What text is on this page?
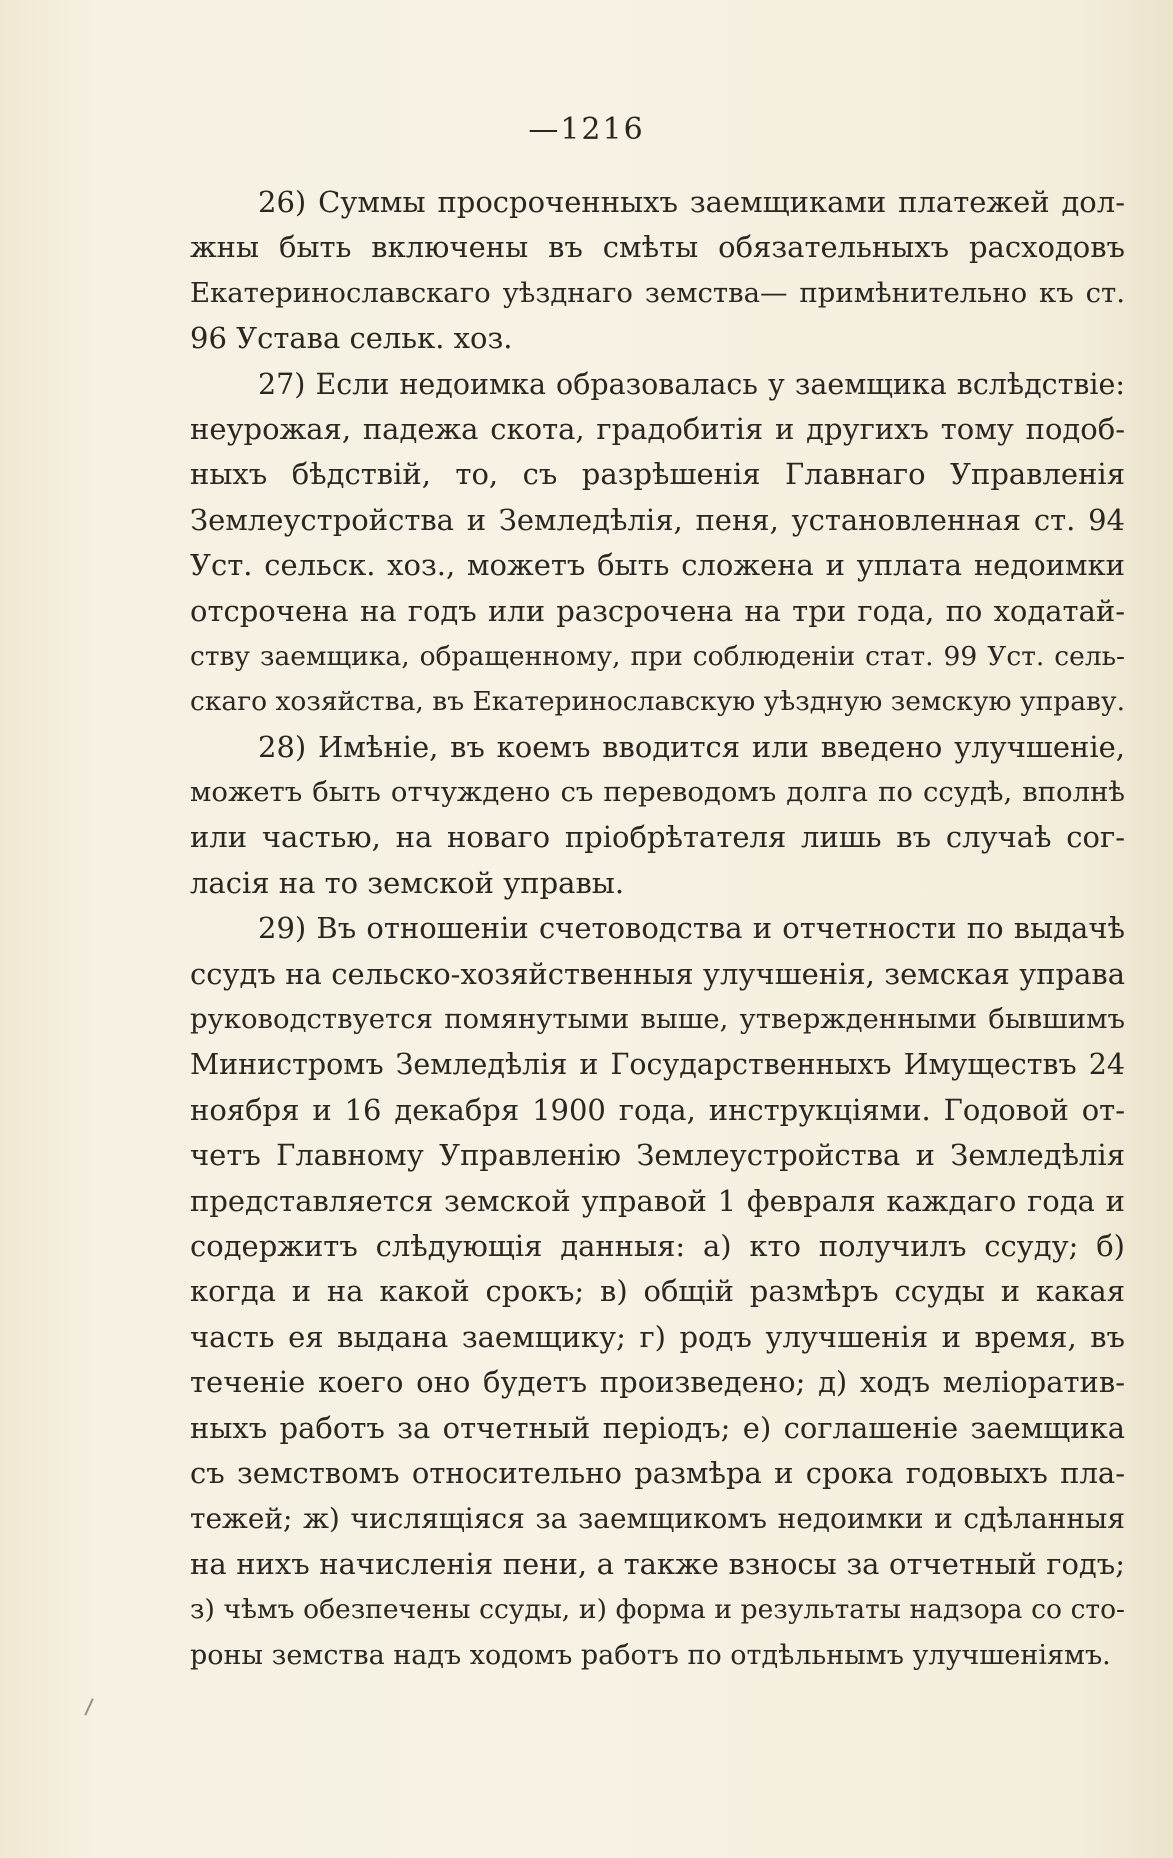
—1216
26) Суммы просроченныхъ заемщиками платежей дол-
жны быть включены въ смѣты обязательныхъ расходовъ
Екатеринославскаго уѣзднаго земства— примѣнительно къ ст.
96 Устава сельк. хоз.
27) Если недоимка образовалась у заемщика вслѣдствіе:
неурожая, падежа скота, градобитія и другихъ тому подоб-
ныхъ бѣдствій, то, съ разрѣшенія Главнаго Управленія
Землеустройства и Земледѣлія, пеня, установленная ст. 94
Уст. сельск. хоз., можетъ быть сложена и уплата недоимки
отсрочена на годъ или разсрочена на три года, по ходатай-
ству заемщика, обращенному, при соблюденіи стат. 99 Уст. сель-
скаго хозяйства, въ Екатеринославскую уѣздную земскую управу.
28) Имѣніе, въ коемъ вводится или введено улучшеніе,
можетъ быть отчуждено съ переводомъ долга по ссудѣ, вполнѣ
или частью, на новаго пріобрѣтателя лишь въ случаѣ сог-
ласія на то земской управы.
29) Въ отношеніи счетоводства и отчетности по выдачѣ
ссудъ на сельско-хозяйственныя улучшенія, земская управа
руководствуется помянутыми выше, утвержденными бывшимъ
Министромъ Земледѣлія и Государственныхъ Имуществъ 24
ноября и 16 декабря 1900 года, инструкціями. Годовой от-
четъ Главному Управленію Землеустройства и Земледѣлія
представляется земской управой 1 февраля каждаго года и
содержитъ слѣдующія данныя: а) кто получилъ ссуду; б)
когда и на какой срокъ; в) общій размѣръ ссуды и какая
часть ея выдана заемщику; г) родъ улучшенія и время, въ
теченіе коего оно будетъ произведено; д) ходъ меліоратив-
ныхъ работъ за отчетный періодъ; е) соглашеніе заемщика
съ земствомъ относительно размѣра и срока годовыхъ пла-
тежей; ж) числящіяся за заемщикомъ недоимки и сдѣланныя
на нихъ начисленія пени, а также взносы за отчетный годъ;
з) чѣмъ обезпечены ссуды, и) форма и результаты надзора со сто-
роны земства надъ ходомъ работъ по отдѣльнымъ улучшеніямъ.
